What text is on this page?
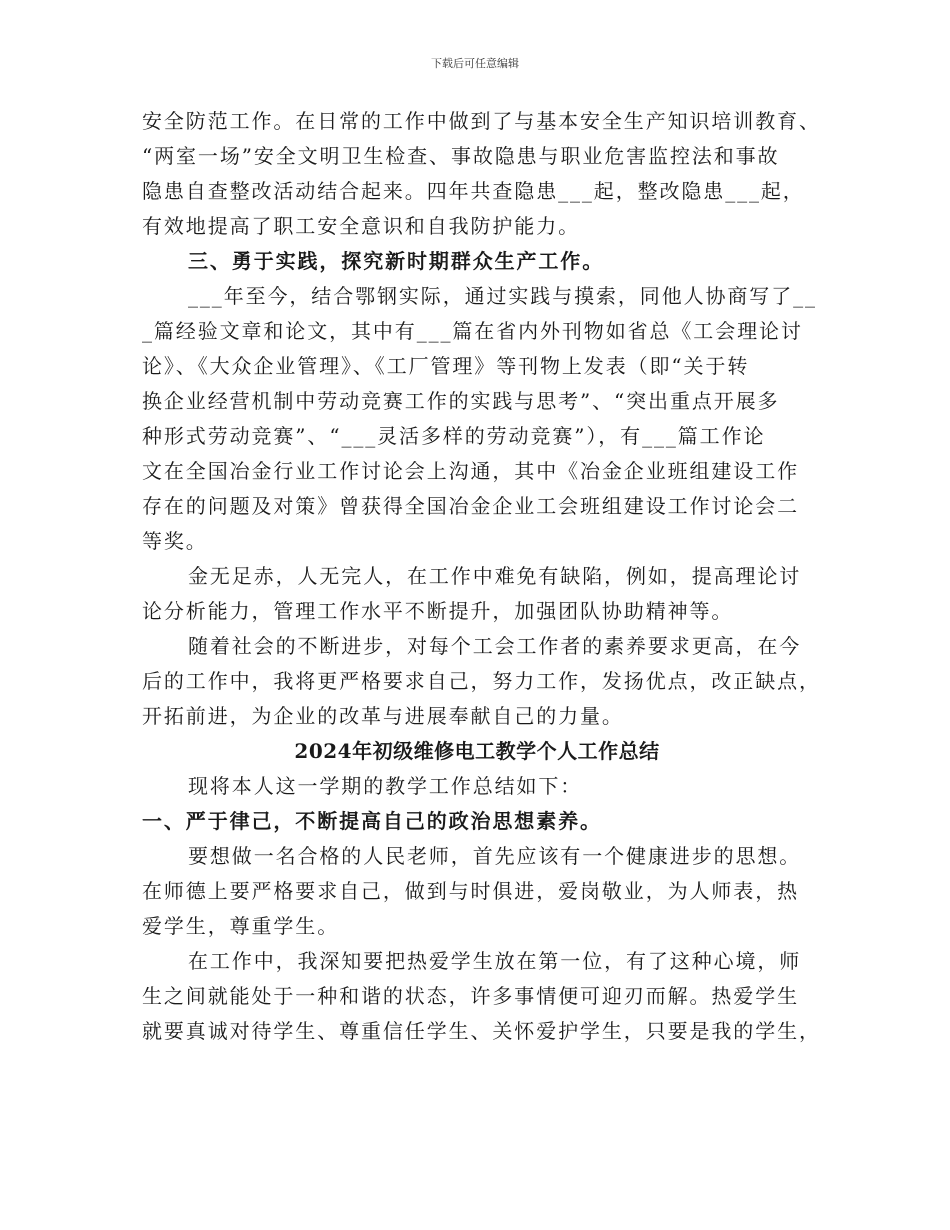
下载后可任意编辑
安全防范工作。在日常的工作中做到了与基本安全生产知识培训教育、
“两室一场”安全文明卫生检查、事故隐患与职业危害监控法和事故
隐患自查整改活动结合起来。四年共查隐患___起，整改隐患___起，
有效地提高了职工安全意识和自我防护能力。
三、勇于实践，探究新时期群众生产工作。
___年至今，结合鄂钢实际，通过实践与摸索，同他人协商写了__
_篇经验文章和论文，其中有___篇在省内外刊物如省总《工会理论讨
论》、《大众企业管理》、《工厂管理》等刊物上发表（即“关于转
换企业经营机制中劳动竞赛工作的实践与思考”、“突出重点开展多
种形式劳动竞赛”、“___灵活多样的劳动竞赛”），有___篇工作论
文在全国冶金行业工作讨论会上沟通，其中《冶金企业班组建设工作
存在的问题及对策》曾获得全国冶金企业工会班组建设工作讨论会二
等奖。
金无足赤，人无完人，在工作中难免有缺陷，例如，提高理论讨
论分析能力，管理工作水平不断提升，加强团队协助精神等。
随着社会的不断进步，对每个工会工作者的素养要求更高，在今
后的工作中，我将更严格要求自己，努力工作，发扬优点，改正缺点，
开拓前进，为企业的改革与进展奉献自己的力量。
2024年初级维修电工教学个人工作总结
现将本人这一学期的教学工作总结如下：
一、严于律己，不断提高自己的政治思想素养。
要想做一名合格的人民老师，首先应该有一个健康进步的思想。
在师德上要严格要求自己，做到与时俱进，爱岗敬业，为人师表，热
爱学生，尊重学生。
在工作中，我深知要把热爱学生放在第一位，有了这种心境，师
生之间就能处于一种和谐的状态，许多事情便可迎刃而解。热爱学生
就要真诚对待学生、尊重信任学生、关怀爱护学生，只要是我的学生，
